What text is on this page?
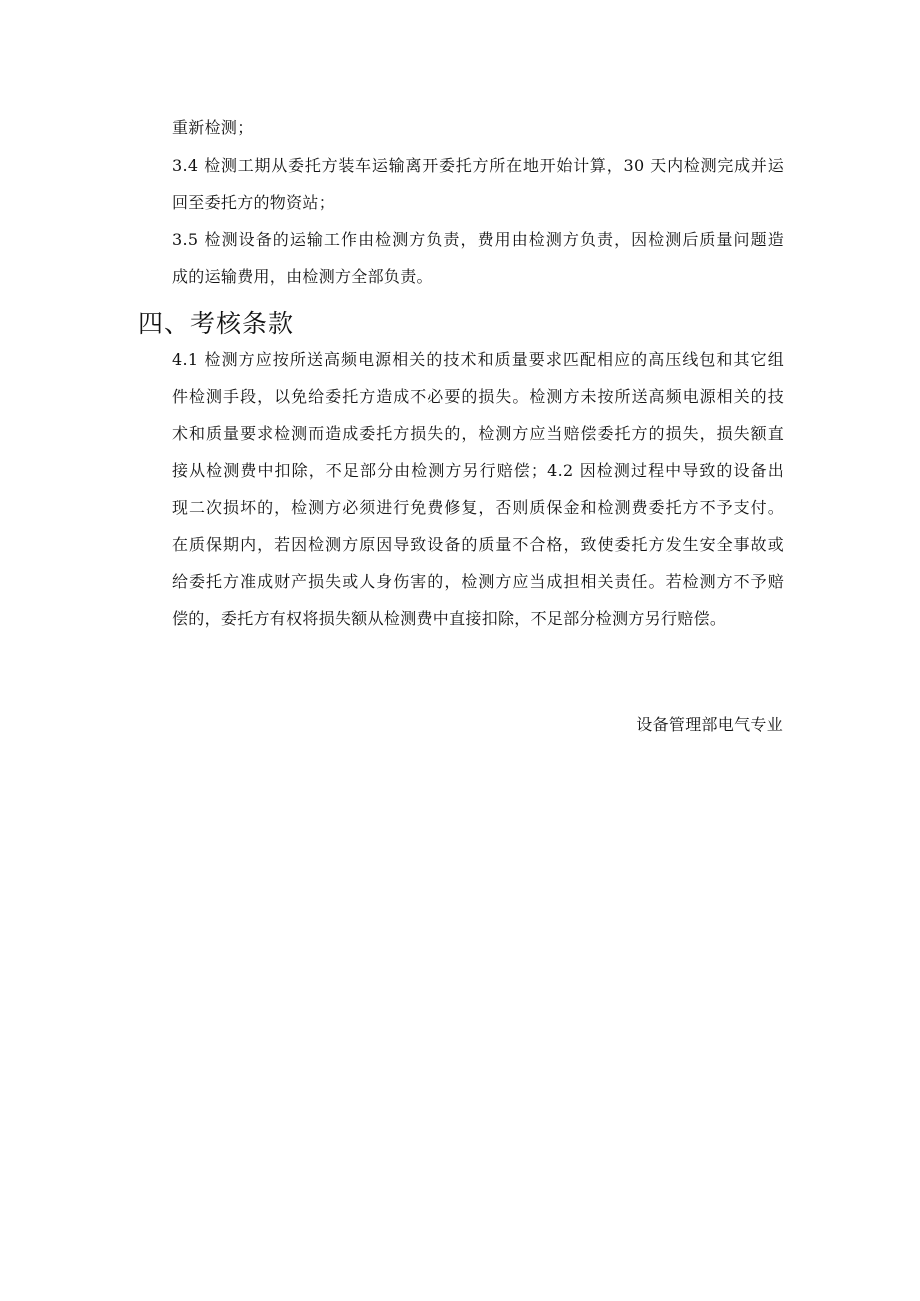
重新检测；
3.4 检测工期从委托方装车运输离开委托方所在地开始计算，30 天内检测完成并运
回至委托方的物资站；
3.5 检测设备的运输工作由检测方负责，费用由检测方负责，因检测后质量问题造
成的运输费用，由检测方全部负责。
四、考核条款
4.1 检测方应按所送高频电源相关的技术和质量要求匹配相应的高压线包和其它组
件检测手段，以免给委托方造成不必要的损失。检测方未按所送高频电源相关的技
术和质量要求检测而造成委托方损失的，检测方应当赔偿委托方的损失，损失额直
接从检测费中扣除，不足部分由检测方另行赔偿；4.2 因检测过程中导致的设备出
现二次损坏的，检测方必须进行免费修复，否则质保金和检测费委托方不予支付。
在质保期内，若因检测方原因导致设备的质量不合格，致使委托方发生安全事故或
给委托方准成财产损失或人身伤害的，检测方应当成担相关责任。若检测方不予赔
偿的，委托方有权将损失额从检测费中直接扣除，不足部分检测方另行赔偿。
设备管理部电气专业
